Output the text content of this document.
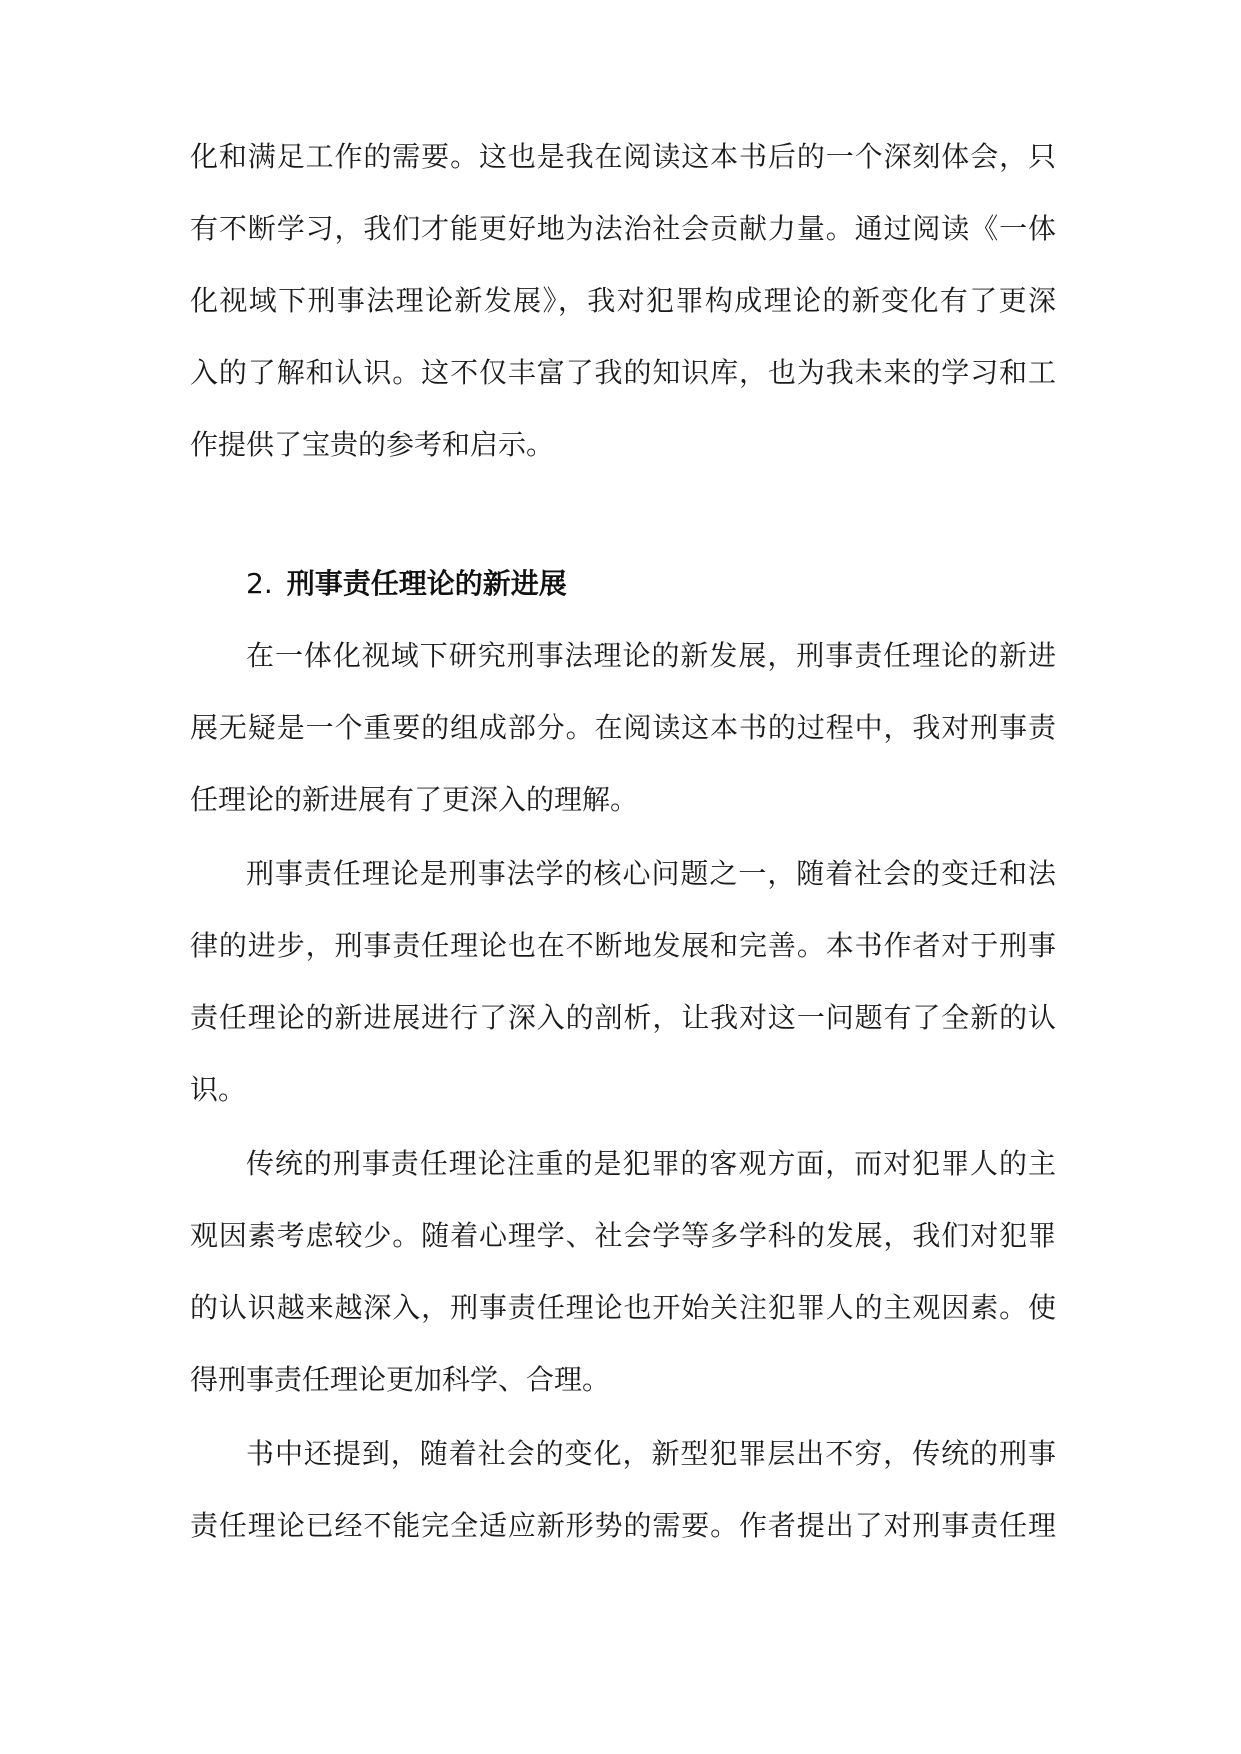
化和满足工作的需要。这也是我在阅读这本书后的一个深刻体会，只
有不断学习，我们才能更好地为法治社会贡献力量。通过阅读《一体
化视域下刑事法理论新发展》，我对犯罪构成理论的新变化有了更深
入的了解和认识。这不仅丰富了我的知识库，也为我未来的学习和工
作提供了宝贵的参考和启示。
2. 刑事责任理论的新进展
在一体化视域下研究刑事法理论的新发展，刑事责任理论的新进
展无疑是一个重要的组成部分。在阅读这本书的过程中，我对刑事责
任理论的新进展有了更深入的理解。
刑事责任理论是刑事法学的核心问题之一，随着社会的变迁和法
律的进步，刑事责任理论也在不断地发展和完善。本书作者对于刑事
责任理论的新进展进行了深入的剖析，让我对这一问题有了全新的认
识。
传统的刑事责任理论注重的是犯罪的客观方面，而对犯罪人的主
观因素考虑较少。随着心理学、社会学等多学科的发展，我们对犯罪
的认识越来越深入，刑事责任理论也开始关注犯罪人的主观因素。使
得刑事责任理论更加科学、合理。
书中还提到，随着社会的变化，新型犯罪层出不穷，传统的刑事
责任理论已经不能完全适应新形势的需要。作者提出了对刑事责任理
